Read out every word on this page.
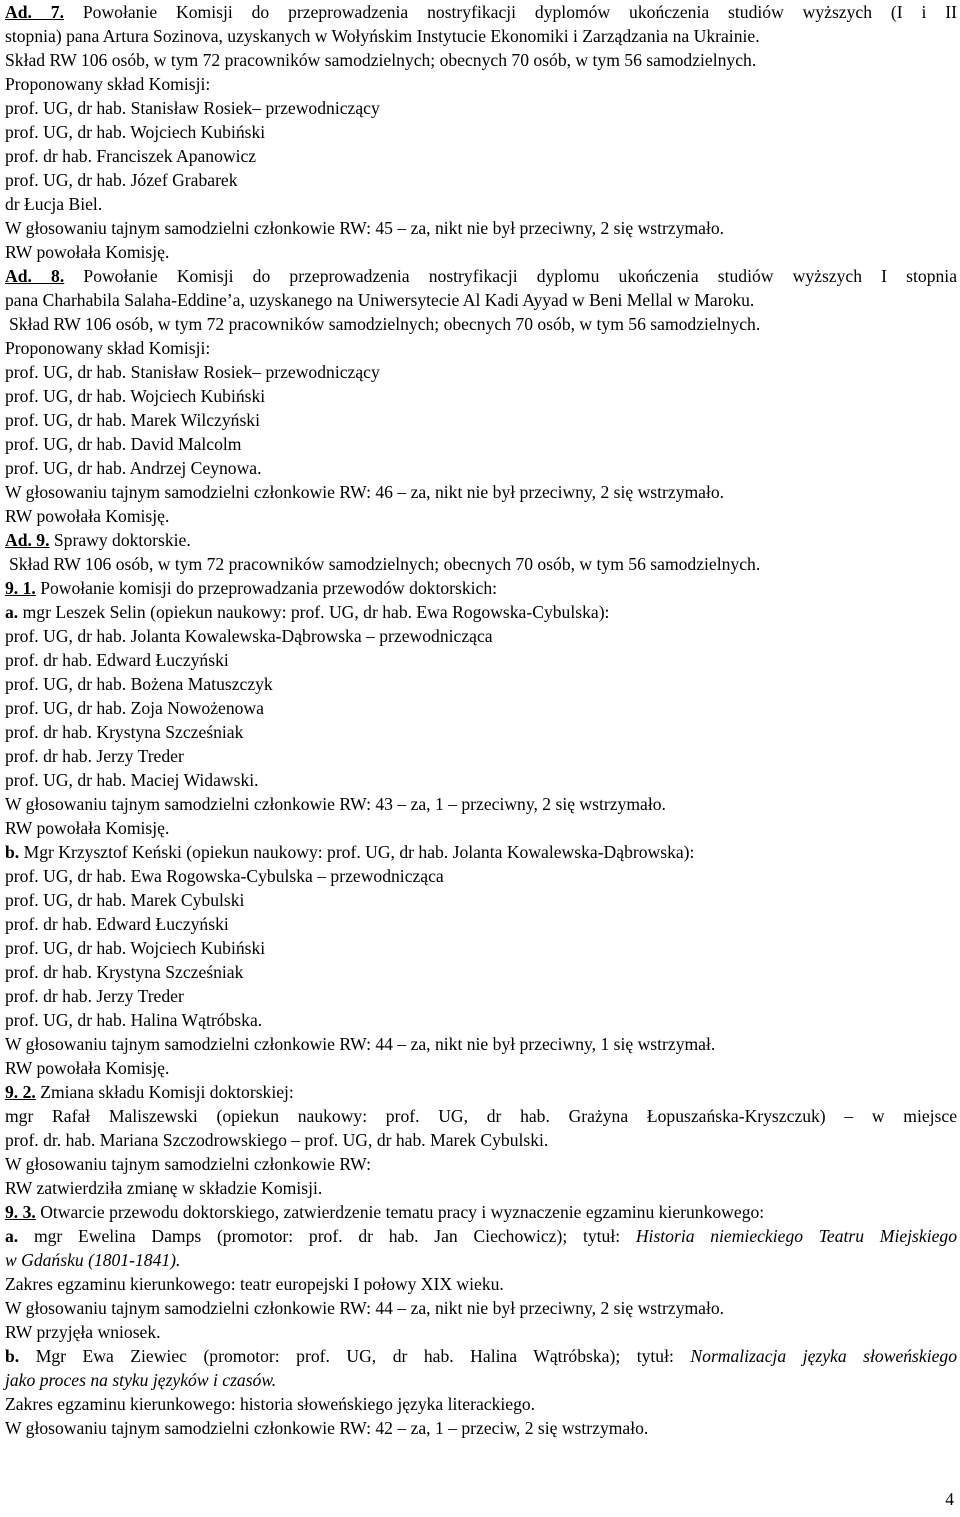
Ad. 7. Powołanie Komisji do przeprowadzenia nostryfikacji dyplomów ukończenia studiów wyższych (I i II
stopnia) pana Artura Sozinova, uzyskanych w Wołyńskim Instytucie Ekonomiki i Zarządzania na Ukrainie.
Skład RW 106 osób, w tym 72 pracowników samodzielnych; obecnych 70 osób, w tym 56 samodzielnych.
Proponowany skład Komisji:
prof. UG, dr hab. Stanisław Rosiek– przewodniczący
prof. UG, dr hab. Wojciech Kubiński
prof. dr hab. Franciszek Apanowicz
prof. UG, dr hab. Józef Grabarek
dr Łucja Biel.
W głosowaniu tajnym samodzielni członkowie RW: 45 – za, nikt nie był przeciwny, 2 się wstrzymało.
RW powołała Komisję.
Ad. 8. Powołanie Komisji do przeprowadzenia nostryfikacji dyplomu ukończenia studiów wyższych I stopnia
pana Charhabila Salaha-Eddine’a, uzyskanego na Uniwersytecie Al Kadi Ayyad w Beni Mellal w Maroku.
Skład RW 106 osób, w tym 72 pracowników samodzielnych; obecnych 70 osób, w tym 56 samodzielnych.
Proponowany skład Komisji:
prof. UG, dr hab. Stanisław Rosiek– przewodniczący
prof. UG, dr hab. Wojciech Kubiński
prof. UG, dr hab. Marek Wilczyński
prof. UG, dr hab. David Malcolm
prof. UG, dr hab. Andrzej Ceynowa.
W głosowaniu tajnym samodzielni członkowie RW: 46 – za, nikt nie był przeciwny, 2 się wstrzymało.
RW powołała Komisję.
Ad. 9. Sprawy doktorskie.
Skład RW 106 osób, w tym 72 pracowników samodzielnych; obecnych 70 osób, w tym 56 samodzielnych.
9. 1. Powołanie komisji do przeprowadzania przewodów doktorskich:
a. mgr Leszek Selin (opiekun naukowy: prof. UG, dr hab. Ewa Rogowska-Cybulska):
prof. UG, dr hab. Jolanta Kowalewska-Dąbrowska – przewodnicząca
prof. dr hab. Edward Łuczyński
prof. UG, dr hab. Bożena Matuszczyk
prof. UG, dr hab. Zoja Nowożenowa
prof. dr hab. Krystyna Szcześniak
prof. dr hab. Jerzy Treder
prof. UG, dr hab. Maciej Widawski.
W głosowaniu tajnym samodzielni członkowie RW: 43 – za, 1 – przeciwny, 2 się wstrzymało.
RW powołała Komisję.
b. Mgr Krzysztof Keński (opiekun naukowy: prof. UG, dr hab. Jolanta Kowalewska-Dąbrowska):
prof. UG, dr hab. Ewa Rogowska-Cybulska – przewodnicząca
prof. UG, dr hab. Marek Cybulski
prof. dr hab. Edward Łuczyński
prof. UG, dr hab. Wojciech Kubiński
prof. dr hab. Krystyna Szcześniak
prof. dr hab. Jerzy Treder
prof. UG, dr hab. Halina Wątróbska.
W głosowaniu tajnym samodzielni członkowie RW: 44 – za, nikt nie był przeciwny, 1 się wstrzymał.
RW powołała Komisję.
9. 2. Zmiana składu Komisji doktorskiej:
mgr Rafał Maliszewski (opiekun naukowy: prof. UG, dr hab. Grażyna Łopuszańska-Kryszczuk) – w miejsce
prof. dr. hab. Mariana Szczodrowskiego – prof. UG, dr hab. Marek Cybulski.
W głosowaniu tajnym samodzielni członkowie RW:
RW zatwierdziła zmianę w składzie Komisji.
9. 3. Otwarcie przewodu doktorskiego, zatwierdzenie tematu pracy i wyznaczenie egzaminu kierunkowego:
a. mgr Ewelina Damps (promotor: prof. dr hab. Jan Ciechowicz); tytuł: Historia niemieckiego Teatru Miejskiego
w Gdańsku (1801-1841).
Zakres egzaminu kierunkowego: teatr europejski I połowy XIX wieku.
W głosowaniu tajnym samodzielni członkowie RW: 44 – za, nikt nie był przeciwny, 2 się wstrzymało.
RW przyjęła wniosek.
b. Mgr Ewa Ziewiec (promotor: prof. UG, dr hab. Halina Wątróbska); tytuł: Normalizacja języka słoweńskiego
jako proces na styku języków i czasów.
Zakres egzaminu kierunkowego: historia słoweńskiego języka literackiego.
W głosowaniu tajnym samodzielni członkowie RW: 42 – za, 1 – przeciw, 2 się wstrzymało.
4
